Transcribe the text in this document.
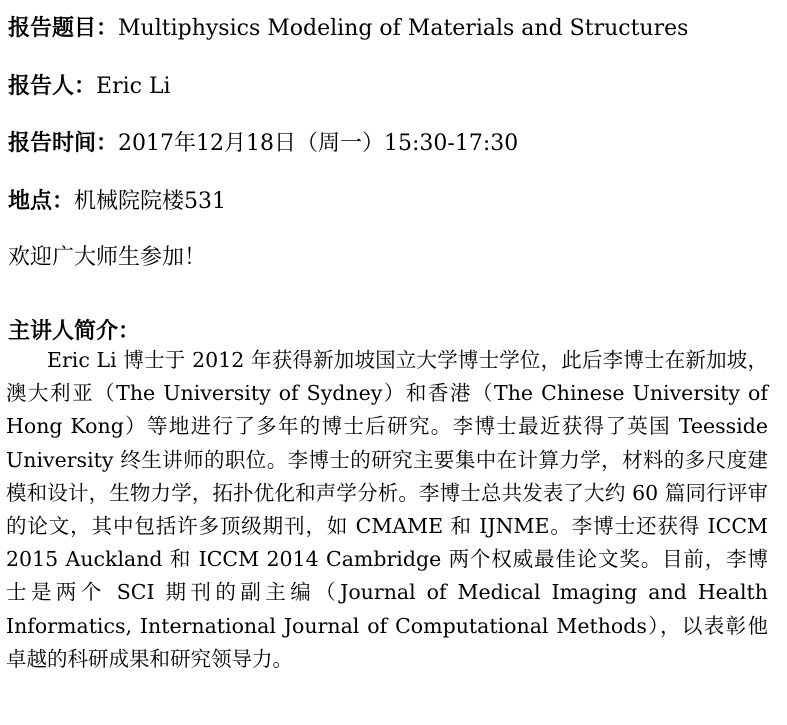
报告题目：Multiphysics Modeling of Materials and Structures
报告人：Eric Li
报告时间：2017年12月18日（周一）15:30-17:30
地点：机械院院楼531
欢迎广大师生参加！
主讲人简介：
Eric Li 博士于 2012 年获得新加坡国立大学博士学位，此后李博士在新加坡，澳大利亚（The University of Sydney）和香港（The Chinese University of Hong Kong）等地进行了多年的博士后研究。李博士最近获得了英国 Teesside University 终生讲师的职位。李博士的研究主要集中在计算力学，材料的多尺度建模和设计，生物力学，拓扑优化和声学分析。李博士总共发表了大约 60 篇同行评审的论文，其中包括许多顶级期刊，如 CMAME 和 IJNME。李博士还获得 ICCM 2015 Auckland 和 ICCM 2014 Cambridge 两个权威最佳论文奖。目前，李博士是两个 SCI 期刊的副主编（Journal of Medical Imaging and Health Informatics, International Journal of Computational Methods），以表彰他卓越的科研成果和研究领导力。
